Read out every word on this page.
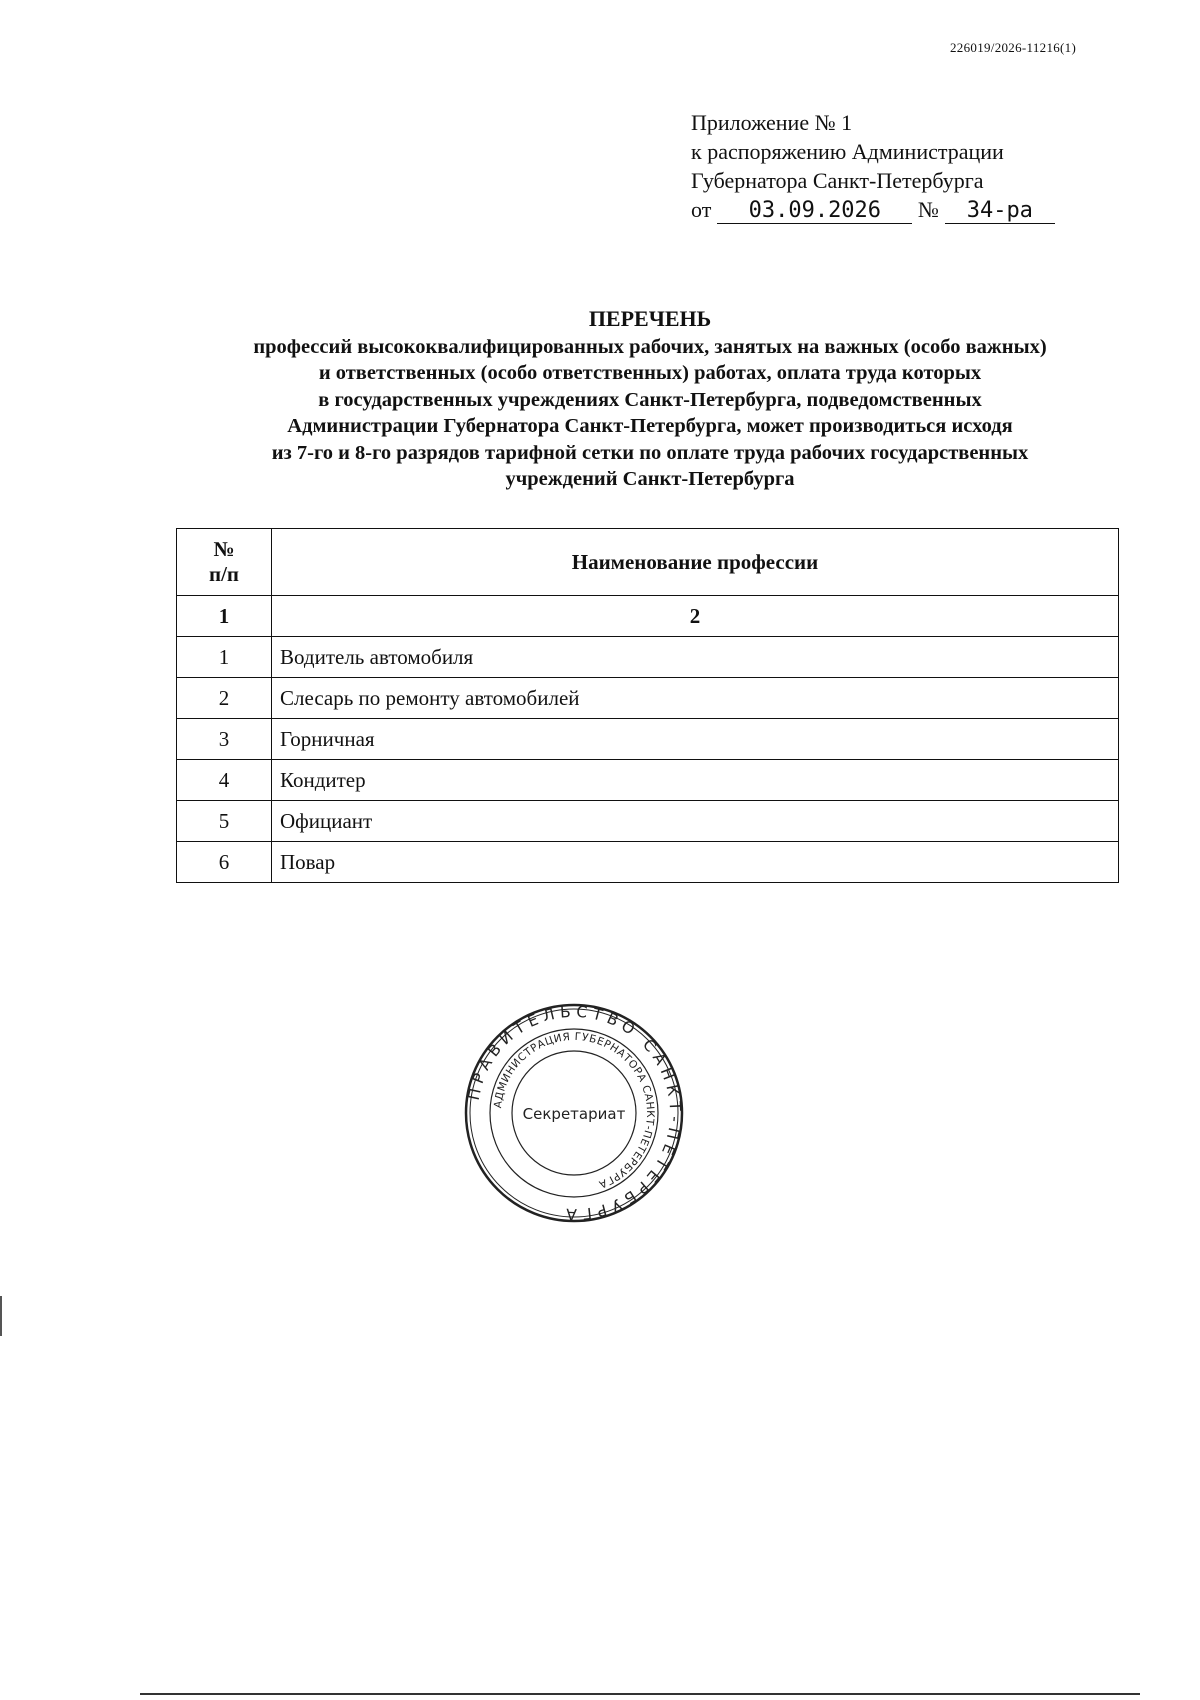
226019/2026-11216(1)
Приложение № 1
к распоряжению Администрации
Губернатора Санкт-Петербурга
от 03.09.2026 № 34-ра
ПЕРЕЧЕНЬ
профессий высококвалифицированных рабочих, занятых на важных (особо важных)
и ответственных (особо ответственных) работах, оплата труда которых
в государственных учреждениях Санкт-Петербурга, подведомственных
Администрации Губернатора Санкт-Петербурга, может производиться исходя
из 7-го и 8-го разрядов тарифной сетки по оплате труда рабочих государственных
учреждений Санкт-Петербурга
№
п/п	Наименование профессии
1	2
1	Водитель автомобиля
2	Слесарь по ремонту автомобилей
3	Горничная
4	Кондитер
5	Официант
6	Повар
ПРАВИТЕЛЬСТВО САНКТ-ПЕТЕРБУРГА
АДМИНИСТРАЦИЯ ГУБЕРНАТОРА САНКТ-ПЕТЕРБУРГА
Секретариат
